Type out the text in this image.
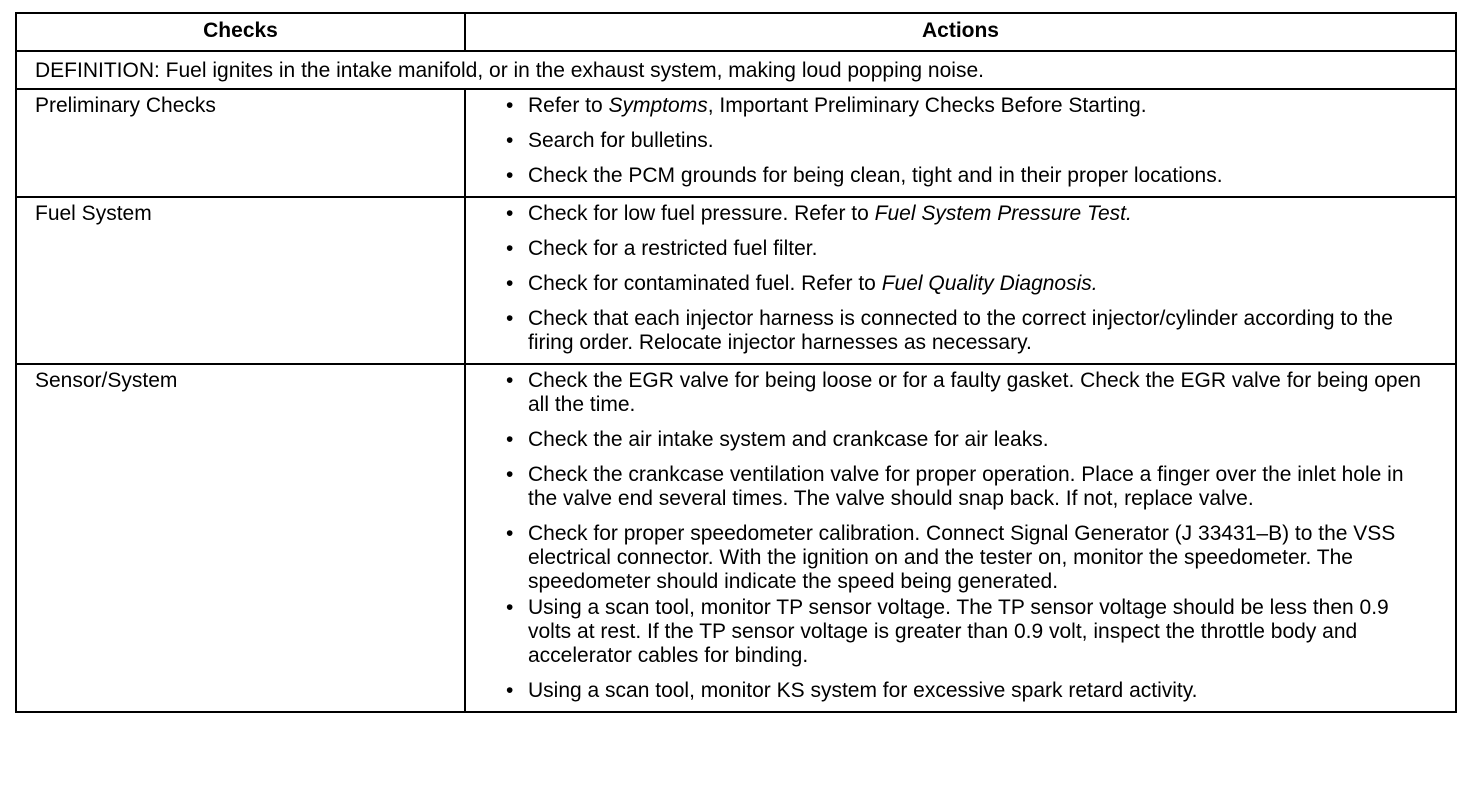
Checks	Actions
DEFINITION: Fuel ignites in the intake manifold, or in the exhaust system, making loud popping noise.
Preliminary Checks	• Refer to Symptoms, Important Preliminary Checks Before Starting.
• Search for bulletins.
• Check the PCM grounds for being clean, tight and in their proper locations.
Fuel System	• Check for low fuel pressure. Refer to Fuel System Pressure Test.
• Check for a restricted fuel filter.
• Check for contaminated fuel. Refer to Fuel Quality Diagnosis.
• Check that each injector harness is connected to the correct injector/cylinder according to the firing order. Relocate injector harnesses as necessary.
Sensor/System	• Check the EGR valve for being loose or for a faulty gasket. Check the EGR valve for being open all the time.
• Check the air intake system and crankcase for air leaks.
• Check the crankcase ventilation valve for proper operation. Place a finger over the inlet hole in the valve end several times. The valve should snap back. If not, replace valve.
• Check for proper speedometer calibration. Connect Signal Generator (J 33431–B) to the VSS electrical connector. With the ignition on and the tester on, monitor the speedometer. The speedometer should indicate the speed being generated.
• Using a scan tool, monitor TP sensor voltage. The TP sensor voltage should be less then 0.9 volts at rest. If the TP sensor voltage is greater than 0.9 volt, inspect the throttle body and accelerator cables for binding.
• Using a scan tool, monitor KS system for excessive spark retard activity.
